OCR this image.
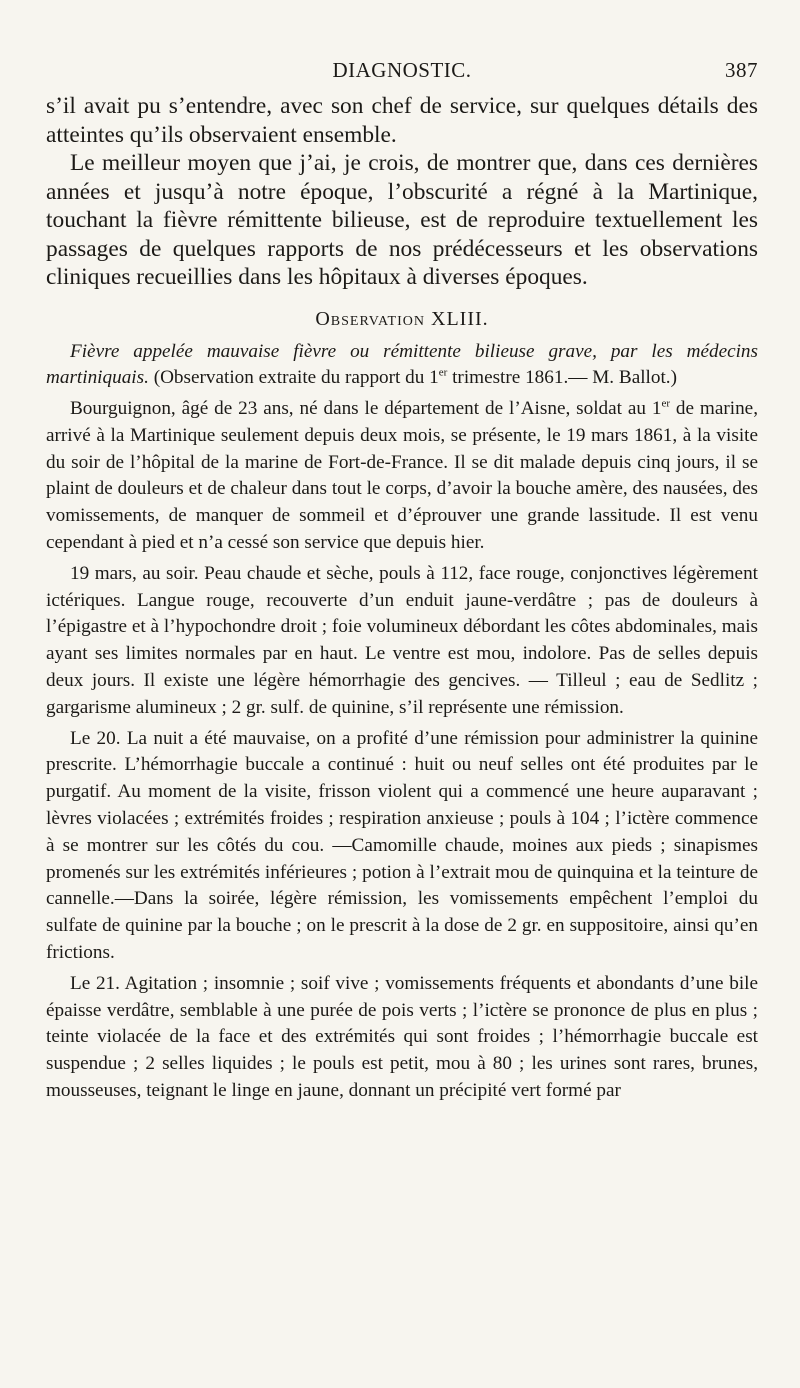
DIAGNOSTIC.	387

s’il avait pu s’entendre, avec son chef de service, sur quelques détails des atteintes qu’ils observaient ensemble.

Le meilleur moyen que j’ai, je crois, de montrer que, dans ces dernières années et jusqu’à notre époque, l’obscurité a régné à la Martinique, touchant la fièvre rémittente bilieuse, est de reproduire textuellement les passages de quelques rapports de nos prédécesseurs et les observations cliniques recueillies dans les hôpitaux à diverses époques.

Observation XLIII.

Fièvre appelée mauvaise fièvre ou rémittente bilieuse grave, par les médecins martiniquais. (Observation extraite du rapport du 1er trimestre 1861.— M. Ballot.)

Bourguignon, âgé de 23 ans, né dans le département de l’Aisne, soldat au 1er de marine, arrivé à la Martinique seulement depuis deux mois, se présente, le 19 mars 1861, à la visite du soir de l’hôpital de la marine de Fort-de-France. Il se dit malade depuis cinq jours, il se plaint de douleurs et de chaleur dans tout le corps, d’avoir la bouche amère, des nausées, des vomissements, de manquer de sommeil et d’éprouver une grande lassitude. Il est venu cependant à pied et n’a cessé son service que depuis hier.

19 mars, au soir. Peau chaude et sèche, pouls à 112, face rouge, conjonctives légèrement ictériques. Langue rouge, recouverte d’un enduit jaune-verdâtre ; pas de douleurs à l’épigastre et à l’hypochondre droit ; foie volumineux débordant les côtes abdominales, mais ayant ses limites normales par en haut. Le ventre est mou, indolore. Pas de selles depuis deux jours. Il existe une légère hémorrhagie des gencives. — Tilleul ; eau de Sedlitz ; gargarisme alumineux ; 2 gr. sulf. de quinine, s’il représente une rémission.

Le 20. La nuit a été mauvaise, on a profité d’une rémission pour administrer la quinine prescrite. L’hémorrhagie buccale a continué : huit ou neuf selles ont été produites par le purgatif. Au moment de la visite, frisson violent qui a commencé une heure auparavant ; lèvres violacées ; extrémités froides ; respiration anxieuse ; pouls à 104 ; l’ictère commence à se montrer sur les côtés du cou. —Camomille chaude, moines aux pieds ; sinapismes promenés sur les extrémités inférieures ; potion à l’extrait mou de quinquina et la teinture de cannelle.—Dans la soirée, légère rémission, les vomissements empêchent l’emploi du sulfate de quinine par la bouche ; on le prescrit à la dose de 2 gr. en suppositoire, ainsi qu’en frictions.

Le 21. Agitation ; insomnie ; soif vive ; vomissements fréquents et abondants d’une bile épaisse verdâtre, semblable à une purée de pois verts ; l’ictère se prononce de plus en plus ; teinte violacée de la face et des extrémités qui sont froides ; l’hémorrhagie buccale est suspendue ; 2 selles liquides ; le pouls est petit, mou à 80 ; les urines sont rares, brunes, mousseuses, teignant le linge en jaune, donnant un précipité vert formé par
